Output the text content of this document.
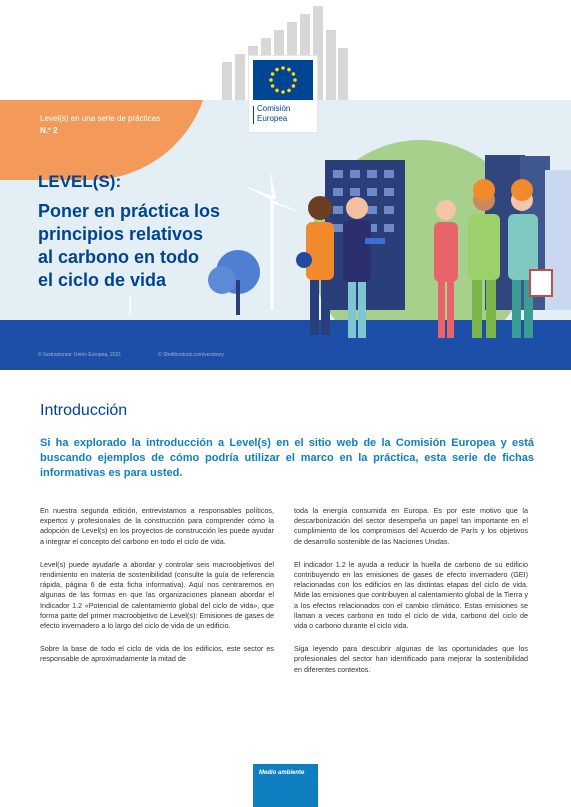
Level(s) en una serie de prácticas
N.º 2
LEVEL(S):
Poner en práctica los
principios relativos
al carbono en todo
el ciclo de vida
© Ilustraciones: Unión Europea, 2021	© Sheltterstock.com/vecteezy
Comisión
Europea
Introducción

Si ha explorado la introducción a Level(s) en el sitio web de la Comisión Europea y está buscando ejemplos de cómo podría utilizar el marco en la práctica, esta serie de fichas informativas es para usted.

En nuestra segunda edición, entrevistamos a responsables políticos, expertos y profesionales de la construcción para comprender cómo la adopción de Level(s) en los proyectos de construcción les puede ayudar a integrar el concepto del carbono en todo el ciclo de vida.

Level(s) puede ayudarle a abordar y controlar seis macroobjetivos del rendimiento en materia de sostenibilidad (consulte la guía de referencia rápida, página 6 de esta ficha informativa). Aquí nos centraremos en algunas de las formas en que las organizaciones planean abordar el Indicador 1.2 «Potencial de calentamiento global del ciclo de vida», que forma parte del primer macroobjetivo de Level(s): Emisiones de gases de efecto invernadero a lo largo del ciclo de vida de un edificio.

Sobre la base de todo el ciclo de vida de los edificios, este sector es responsable de aproximadamente la mitad de

toda la energía consumida en Europa. Es por este motivo que la descarbonización del sector desempeña un papel tan importante en el cumplimiento de los compromisos del Acuerdo de París y los objetivos de desarrollo sostenible de las Naciones Unidas.

El indicador 1.2 le ayuda a reducir la huella de carbono de su edificio contribuyendo en las emisiones de gases de efecto invernadero (GEI) relacionadas con los edificios en las distintas etapas del ciclo de vida. Mide las emisiones que contribuyen al calentamiento global de la Tierra y a los efectos relacionados con el cambio climático. Estas emisiones se llaman a veces carbono en todo el ciclo de vida, carbono del ciclo de vida o carbono durante el ciclo vida.

Siga leyendo para descubrir algunas de las oportunidades que los profesionales del sector han identificado para mejorar la sostenibilidad en diferentes contextos.

Medio ambiente
